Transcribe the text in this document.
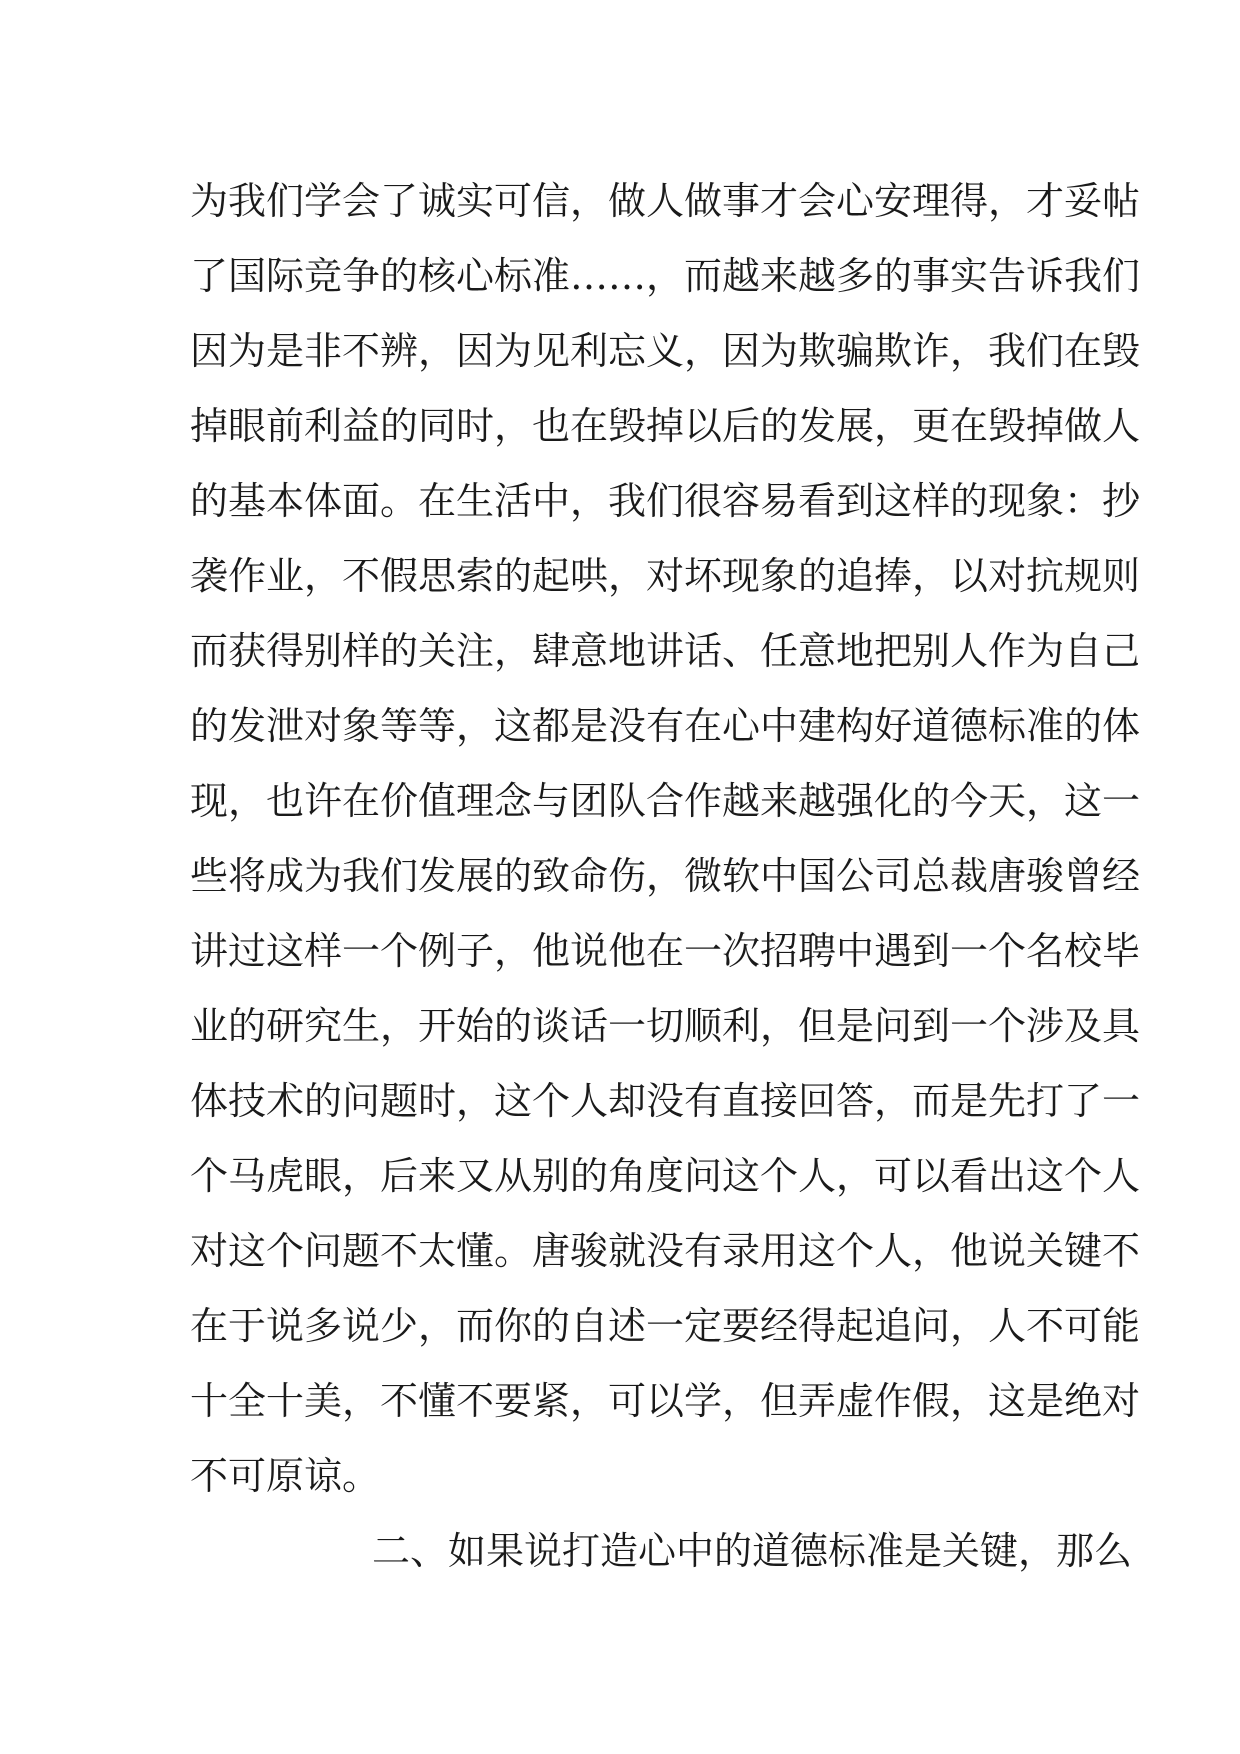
为我们学会了诚实可信，做人做事才会心安理得，才妥帖
了国际竞争的核心标准……，而越来越多的事实告诉我们
因为是非不辨，因为见利忘义，因为欺骗欺诈，我们在毁
掉眼前利益的同时，也在毁掉以后的发展，更在毁掉做人
的基本体面。在生活中，我们很容易看到这样的现象：抄
袭作业，不假思索的起哄，对坏现象的追捧，以对抗规则
而获得别样的关注，肆意地讲话、任意地把别人作为自己
的发泄对象等等，这都是没有在心中建构好道德标准的体
现，也许在价值理念与团队合作越来越强化的今天，这一
些将成为我们发展的致命伤，微软中国公司总裁唐骏曾经
讲过这样一个例子，他说他在一次招聘中遇到一个名校毕
业的研究生，开始的谈话一切顺利，但是问到一个涉及具
体技术的问题时，这个人却没有直接回答，而是先打了一
个马虎眼，后来又从别的角度问这个人，可以看出这个人
对这个问题不太懂。唐骏就没有录用这个人，他说关键不
在于说多说少，而你的自述一定要经得起追问，人不可能
十全十美，不懂不要紧，可以学，但弄虚作假，这是绝对
不可原谅。
二、如果说打造心中的道德标准是关键，那么
